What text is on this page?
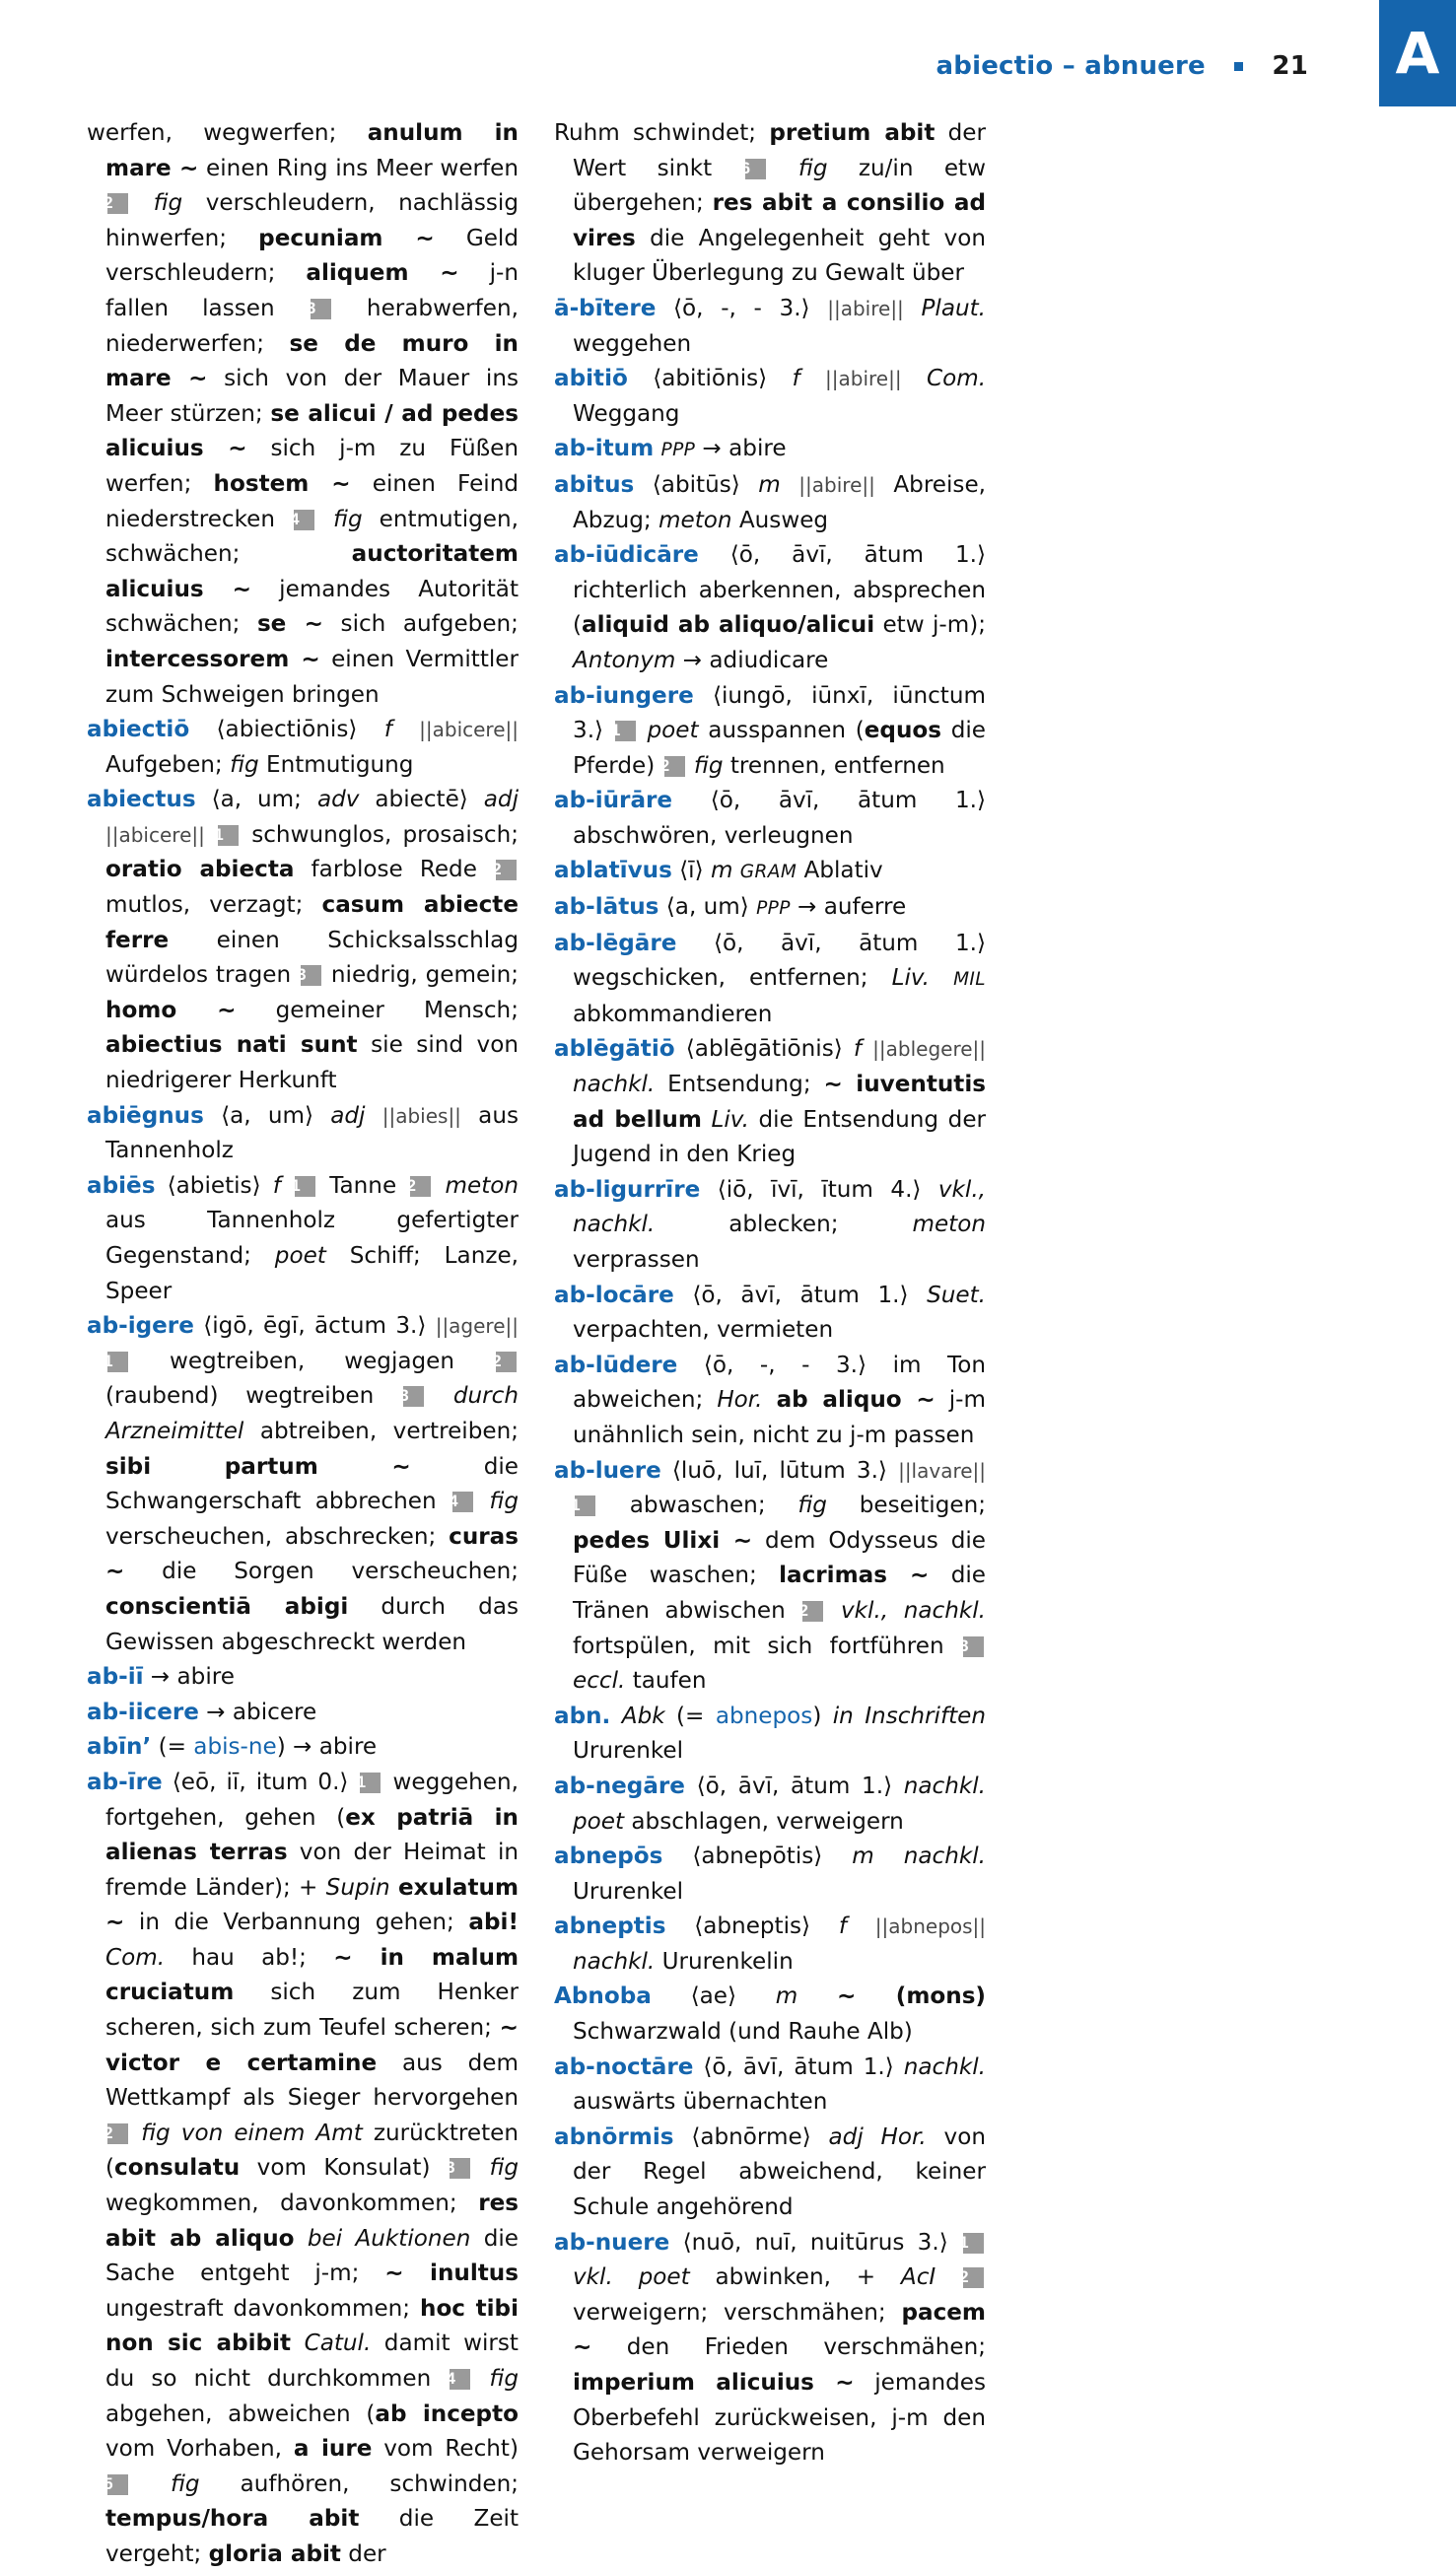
abiectio – abnuere	21 A

werfen, wegwerfen; anulum in mare ~ einen Ring ins Meer werfen 2 fig verschleudern, nachlässig hinwerfen; pecuniam ~ Geld verschleudern; aliquem ~ j-n fallen lassen 3 herabwerfen, niederwerfen; se de muro in mare ~ sich von der Mauer ins Meer stürzen; se alicui / ad pedes alicuius ~ sich j-m zu Füßen werfen; hostem ~ einen Feind niederstrecken 4 fig entmutigen, schwächen; auctoritatem alicuius ~ jemandes Autorität schwächen; se ~ sich aufgeben; intercessorem ~ einen Vermittler zum Schweigen bringen

abiectiō ⟨abiectiōnis⟩ f ||abicere|| Aufgeben; fig Entmutigung

abiectus ⟨a, um; adv abiectē⟩ adj ||abicere|| 1 schwunglos, prosaisch; oratio abiecta farblose Rede 2 mutlos, verzagt; casum abiecte ferre einen Schicksalsschlag würdelos tragen 3 niedrig, gemein; homo ~ gemeiner Mensch; abiectius nati sunt sie sind von niedrigerer Herkunft

abiēgnus ⟨a, um⟩ adj ||abies|| aus Tannenholz

abiēs ⟨abietis⟩ f 1 Tanne 2 meton aus Tannenholz gefertigter Gegenstand; poet Schiff; Lanze, Speer

ab-igere ⟨igō, ēgī, āctum 3.⟩ ||agere|| 1 wegtreiben, wegjagen 2 (raubend) wegtreiben 3 durch Arzneimittel abtreiben, vertreiben; sibi partum ~ die Schwangerschaft abbrechen 4 fig verscheuchen, abschrecken; curas ~ die Sorgen verscheuchen; conscientiā abigi durch das Gewissen abgeschreckt werden

ab-iī → abire

ab-iicere → abicere

abīn’ (= abis-ne) → abire

ab-īre ⟨eō, iī, itum 0.⟩ 1 weggehen, fortgehen, gehen (ex patriā in alienas terras von der Heimat in fremde Länder); + Supin exulatum ~ in die Verbannung gehen; abi! Com. hau ab!; ~ in malum cruciatum sich zum Henker scheren, sich zum Teufel scheren; ~ victor e certamine aus dem Wettkampf als Sieger hervorgehen 2 fig von einem Amt zurücktreten (consulatu vom Konsulat) 3 fig wegkommen, davonkommen; res abit ab aliquo bei Auktionen die Sache entgeht j-m; ~ inultus ungestraft davonkommen; hoc tibi non sic abibit Catul. damit wirst du so nicht durchkommen 4 fig abgehen, abweichen (ab incepto vom Vorhaben, a iure vom Recht) 5	fig aufhören, schwinden; tempus/hora abit die Zeit vergeht; gloria abit der

Ruhm schwindet; pretium abit der Wert sinkt 6 fig zu/in etw übergehen; res abit a consilio ad vires die Angelegenheit geht von kluger Überlegung zu Gewalt über

ā-bītere ⟨ō, -, - 3.⟩ ||abire|| Plaut. weggehen

abitiō ⟨abitiōnis⟩ f ||abire|| Com. Weggang

ab-itum PPP → abire

abitus ⟨abitūs⟩ m ||abire|| Abreise, Abzug; meton Ausweg

ab-iūdicāre ⟨ō, āvī, ātum 1.⟩ richterlich aberkennen, absprechen (aliquid ab aliquo/alicui etw j-m); Antonym → adiudicare

ab-iungere ⟨iungō, iūnxī, iūnctum 3.⟩ 1 poet ausspannen (equos die Pferde) 2 fig trennen, entfernen

ab-iūrāre ⟨ō, āvī, ātum 1.⟩ abschwören, verleugnen

ablatīvus ⟨ī⟩ m GRAM Ablativ

ab-lātus ⟨a, um⟩ PPP → auferre

ab-lēgāre ⟨ō, āvī, ātum 1.⟩ wegschicken, entfernen; Liv. MIL abkommandieren

ablēgātiō ⟨ablēgātiōnis⟩ f ||ablegere|| nachkl. Entsendung; ~ iuventutis ad bellum Liv. die Entsendung der Jugend in den Krieg

ab-ligurrīre ⟨iō, īvī, ītum 4.⟩ vkl., nachkl. ablecken; meton verprassen

ab-locāre ⟨ō, āvī, ātum 1.⟩ Suet. verpachten, vermieten

ab-lūdere ⟨ō, -, - 3.⟩ im Ton abweichen; Hor. ab aliquo ~ j-m unähnlich sein, nicht zu j-m passen

ab-luere ⟨luō, luī, lūtum 3.⟩ ||lavare|| 1 abwaschen; fig beseitigen; pedes Ulixi ~ dem Odysseus die Füße waschen; lacrimas ~ die Tränen abwischen 2 vkl., nachkl. fortspülen, mit sich fortführen 3 eccl. taufen

abn. Abk (= abnepos) in Inschriften Ururenkel

ab-negāre ⟨ō, āvī, ātum 1.⟩ nachkl. poet abschlagen, verweigern

abnepōs ⟨abnepōtis⟩ m nachkl. Ururenkel

abneptis ⟨abneptis⟩ f ||abnepos|| nachkl. Ururenkelin

Abnoba ⟨ae⟩ m ~ (mons) Schwarzwald (und Rauhe Alb)

ab-noctāre ⟨ō, āvī, ātum 1.⟩ nachkl. auswärts übernachten

abnōrmis ⟨abnōrme⟩ adj Hor. von der Regel abweichend, keiner Schule angehörend

ab-nuere ⟨nuō, nuī, nuitūrus 3.⟩ 1 vkl. poet abwinken, + AcI 2 verweigern; verschmähen; pacem ~ den Frieden verschmähen; imperium alicuius ~ jemandes Oberbefehl zurückweisen, j-m den Gehorsam verweigern
